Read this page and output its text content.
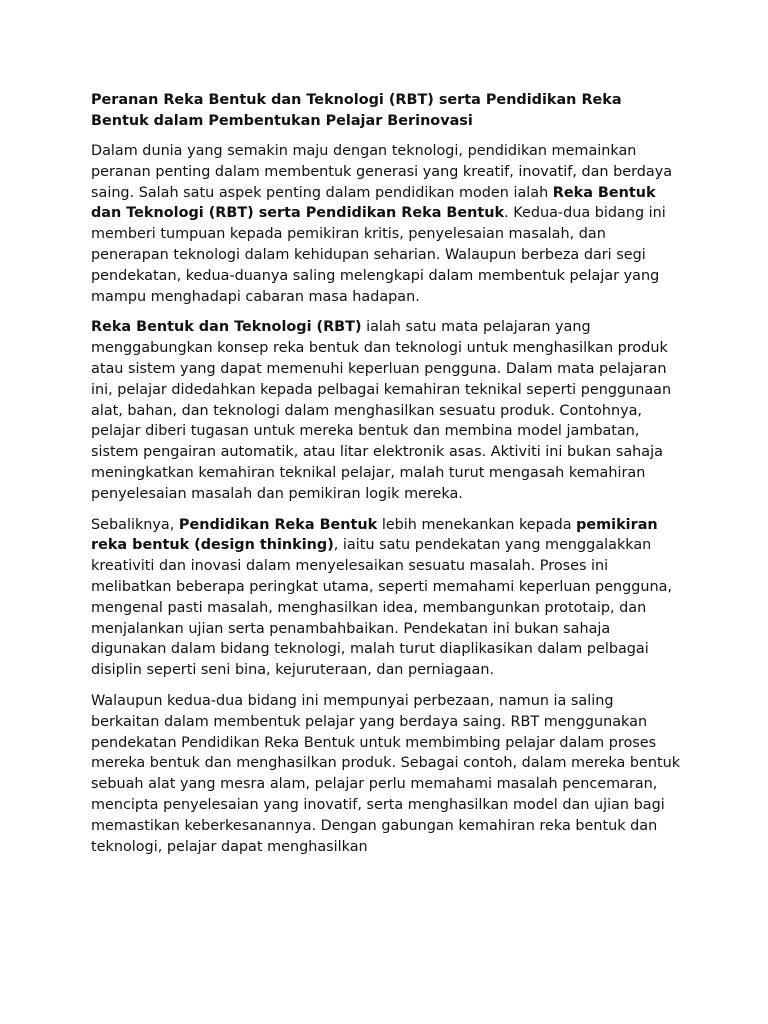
Peranan Reka Bentuk dan Teknologi (RBT) serta Pendidikan Reka Bentuk dalam Pembentukan Pelajar Berinovasi

Dalam dunia yang semakin maju dengan teknologi, pendidikan memainkan peranan penting dalam membentuk generasi yang kreatif, inovatif, dan berdaya saing. Salah satu aspek penting dalam pendidikan moden ialah Reka Bentuk dan Teknologi (RBT) serta Pendidikan Reka Bentuk. Kedua-dua bidang ini memberi tumpuan kepada pemikiran kritis, penyelesaian masalah, dan penerapan teknologi dalam kehidupan seharian. Walaupun berbeza dari segi pendekatan, kedua-duanya saling melengkapi dalam membentuk pelajar yang mampu menghadapi cabaran masa hadapan.

Reka Bentuk dan Teknologi (RBT) ialah satu mata pelajaran yang menggabungkan konsep reka bentuk dan teknologi untuk menghasilkan produk atau sistem yang dapat memenuhi keperluan pengguna. Dalam mata pelajaran ini, pelajar didedahkan kepada pelbagai kemahiran teknikal seperti penggunaan alat, bahan, dan teknologi dalam menghasilkan sesuatu produk. Contohnya, pelajar diberi tugasan untuk mereka bentuk dan membina model jambatan, sistem pengairan automatik, atau litar elektronik asas. Aktiviti ini bukan sahaja meningkatkan kemahiran teknikal pelajar, malah turut mengasah kemahiran penyelesaian masalah dan pemikiran logik mereka.

Sebaliknya, Pendidikan Reka Bentuk lebih menekankan kepada pemikiran reka bentuk (design thinking), iaitu satu pendekatan yang menggalakkan kreativiti dan inovasi dalam menyelesaikan sesuatu masalah. Proses ini melibatkan beberapa peringkat utama, seperti memahami keperluan pengguna, mengenal pasti masalah, menghasilkan idea, membangunkan prototaip, dan menjalankan ujian serta penambahbaikan. Pendekatan ini bukan sahaja digunakan dalam bidang teknologi, malah turut diaplikasikan dalam pelbagai disiplin seperti seni bina, kejuruteraan, dan perniagaan.

Walaupun kedua-dua bidang ini mempunyai perbezaan, namun ia saling berkaitan dalam membentuk pelajar yang berdaya saing. RBT menggunakan pendekatan Pendidikan Reka Bentuk untuk membimbing pelajar dalam proses mereka bentuk dan menghasilkan produk. Sebagai contoh, dalam mereka bentuk sebuah alat yang mesra alam, pelajar perlu memahami masalah pencemaran, mencipta penyelesaian yang inovatif, serta menghasilkan model dan ujian bagi memastikan keberkesanannya. Dengan gabungan kemahiran reka bentuk dan teknologi, pelajar dapat menghasilkan
